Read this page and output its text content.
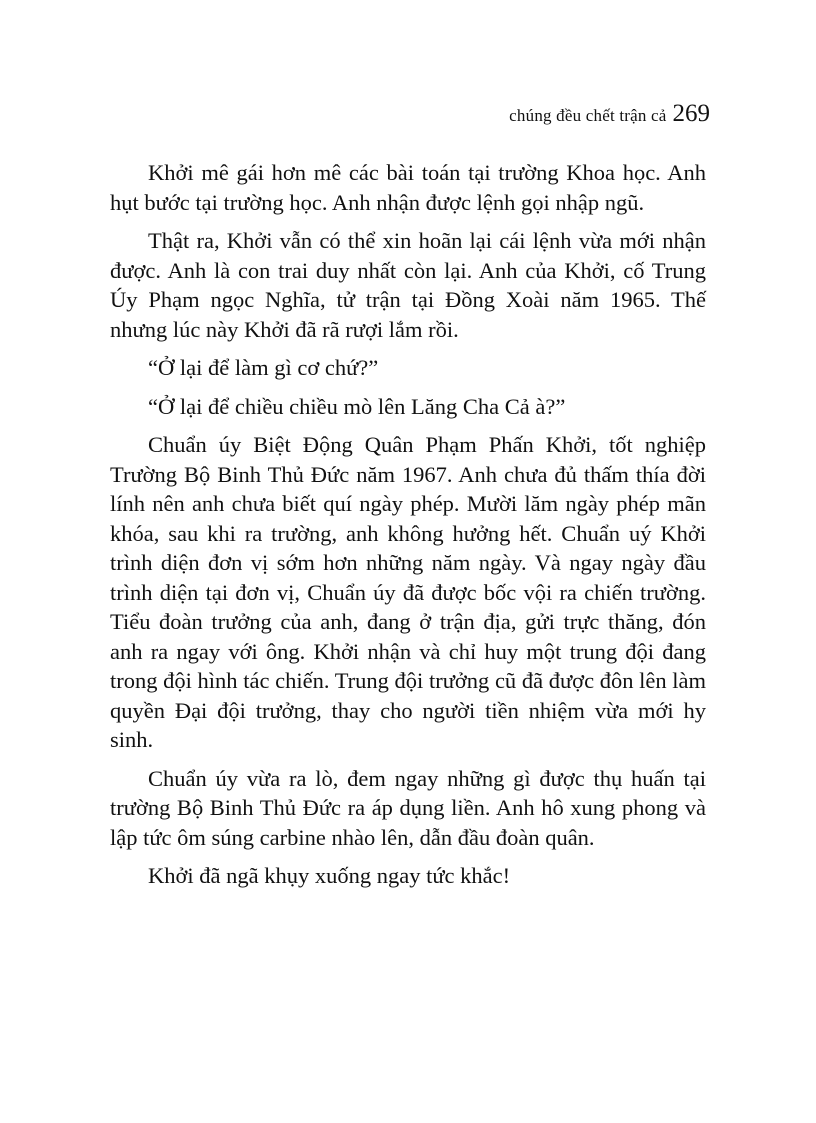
chúng đều chết trận cả 269

Khởi mê gái hơn mê các bài toán tại trường Khoa học. Anh hụt bước tại trường học. Anh nhận được lệnh gọi nhập ngũ.

Thật ra, Khởi vẫn có thể xin hoãn lại cái lệnh vừa mới nhận được. Anh là con trai duy nhất còn lại. Anh của Khởi, cố Trung Úy Phạm ngọc Nghĩa, tử trận tại Đồng Xoài năm 1965. Thế nhưng lúc này Khởi đã rã rượi lắm rồi.

“Ở lại để làm gì cơ chứ?”

“Ở lại để chiều chiều mò lên Lăng Cha Cả à?”

Chuẩn úy Biệt Động Quân Phạm Phấn Khởi, tốt nghiệp Trường Bộ Binh Thủ Đức năm 1967. Anh chưa đủ thấm thía đời lính nên anh chưa biết quí ngày phép. Mười lăm ngày phép mãn khóa, sau khi ra trường, anh không hưởng hết. Chuẩn uý Khởi trình diện đơn vị sớm hơn những năm ngày. Và ngay ngày đầu trình diện tại đơn vị, Chuẩn úy đã được bốc vội ra chiến trường. Tiểu đoàn trưởng của anh, đang ở trận địa, gửi trực thăng, đón anh ra ngay với ông. Khởi nhận và chỉ huy một trung đội đang trong đội hình tác chiến. Trung đội trưởng cũ đã được đôn lên làm quyền Đại đội trưởng, thay cho người tiền nhiệm vừa mới hy sinh.

Chuẩn úy vừa ra lò, đem ngay những gì được thụ huấn tại trường Bộ Binh Thủ Đức ra áp dụng liền. Anh hô xung phong và lập tức ôm súng carbine nhào lên, dẫn đầu đoàn quân.

Khởi đã ngã khụy xuống ngay tức khắc!
